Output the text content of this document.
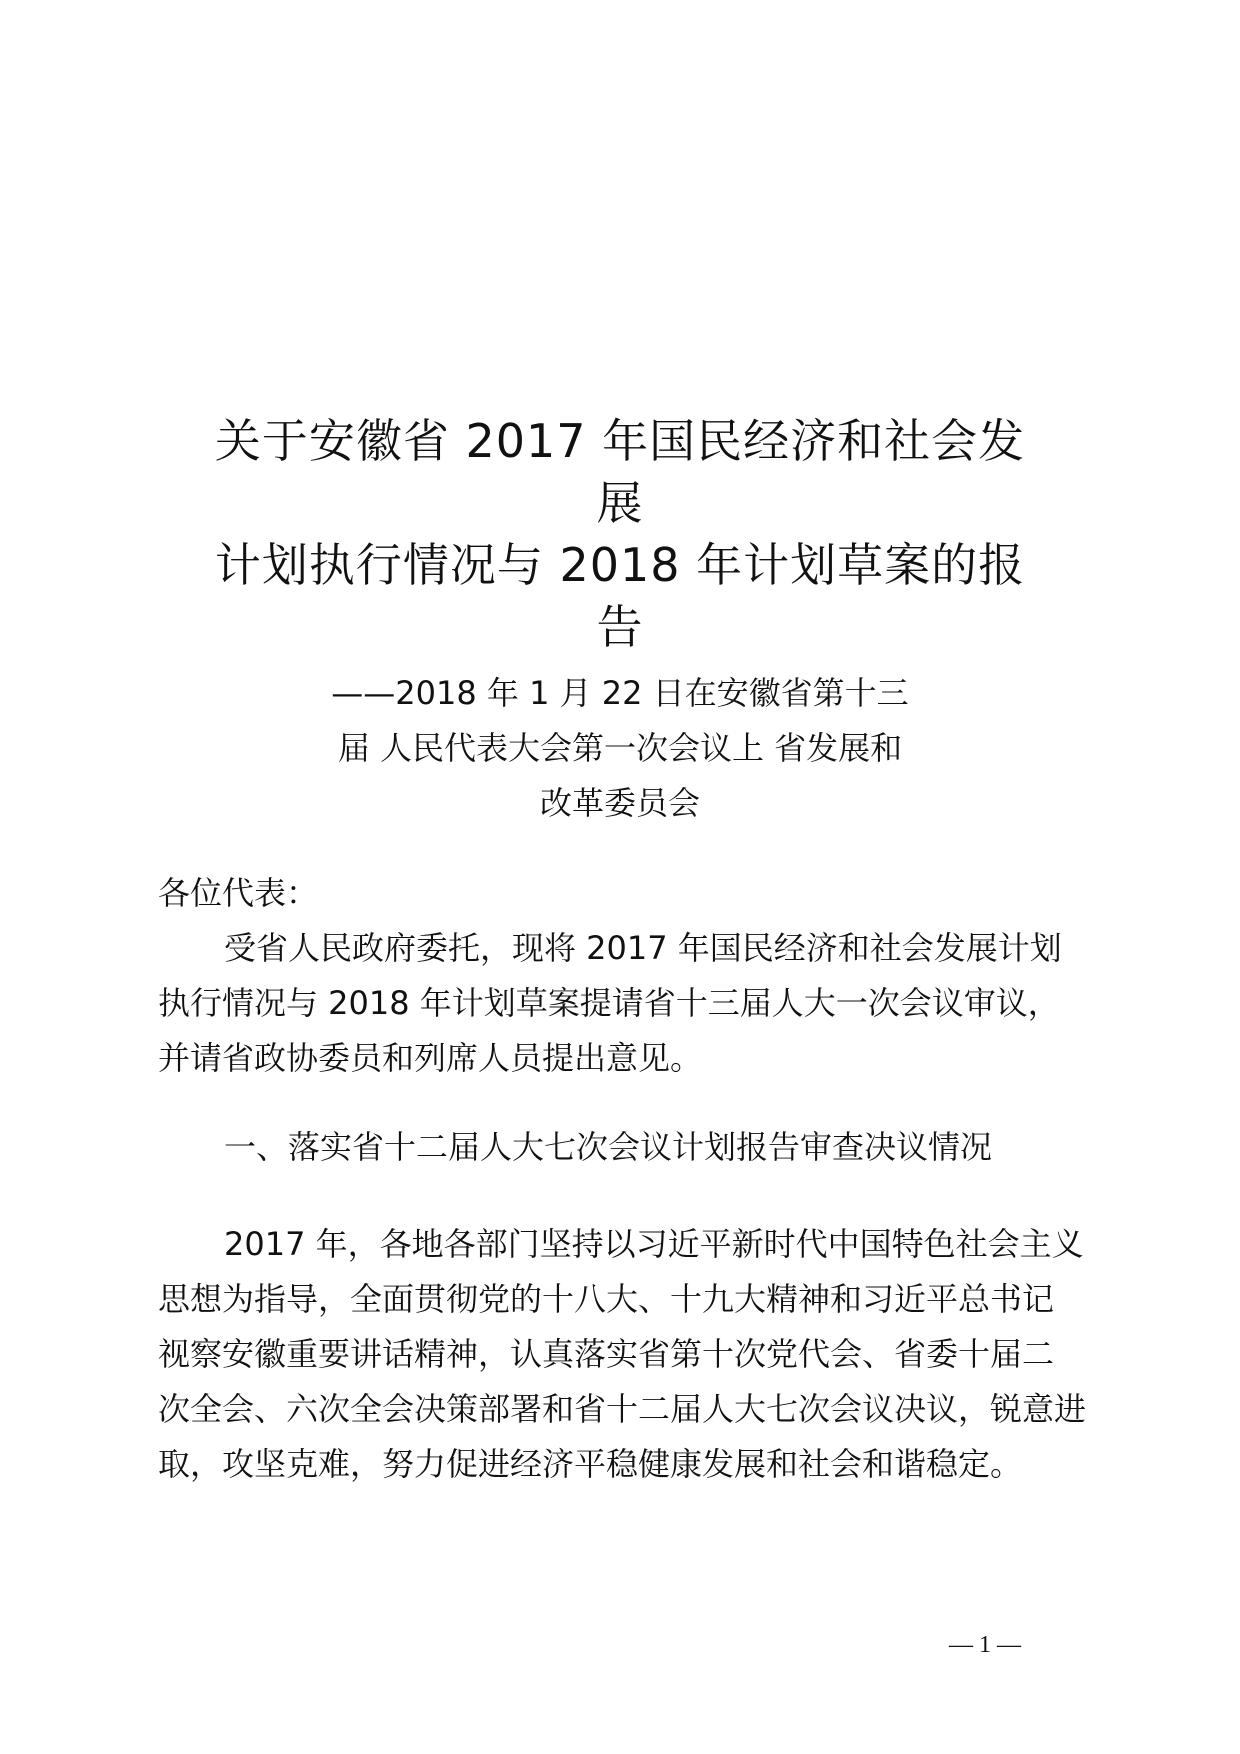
关于安徽省 2017 年国民经济和社会发
展
计划执行情况与 2018 年计划草案的报
告
——2018 年 1 月 22 日在安徽省第十三
届 人民代表大会第一次会议上 省发展和
改革委员会
各位代表：
受省人民政府委托，现将 2017 年国民经济和社会发展计划
执行情况与 2018 年计划草案提请省十三届人大一次会议审议，
并请省政协委员和列席人员提出意见。
一、落实省十二届人大七次会议计划报告审查决议情况
2017 年，各地各部门坚持以习近平新时代中国特色社会主义
思想为指导，全面贯彻党的十八大、十九大精神和习近平总书记
视察安徽重要讲话精神，认真落实省第十次党代会、省委十届二
次全会、六次全会决策部署和省十二届人大七次会议决议，锐意进
取，攻坚克难，努力促进经济平稳健康发展和社会和谐稳定。
— 1 —
